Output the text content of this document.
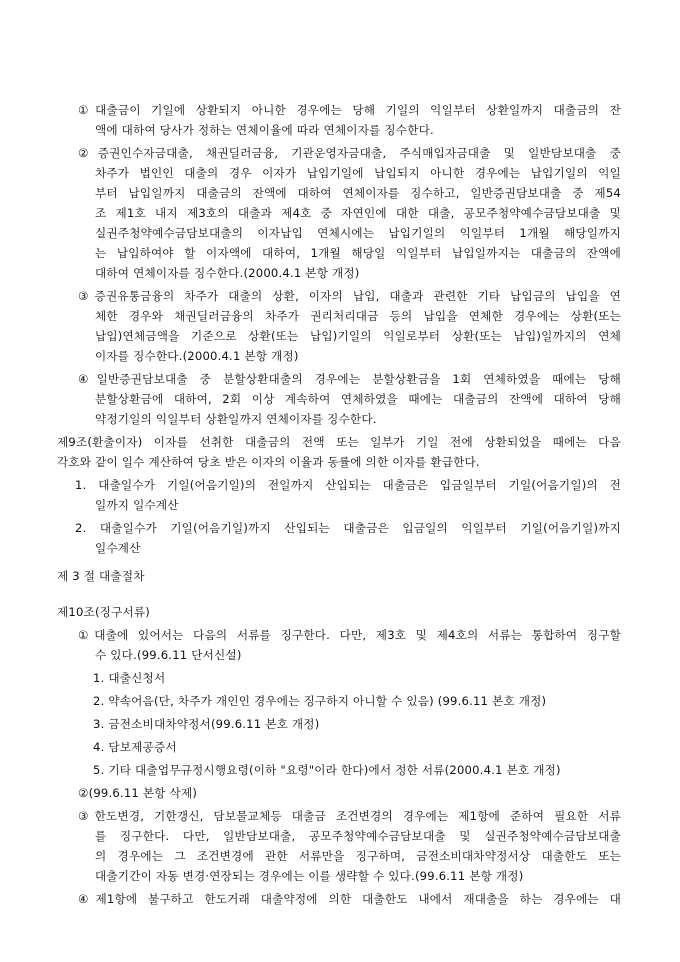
①대출금이 기일에 상환되지 아니한 경우에는 당해 기일의 익일부터 상환일까지 대출금의 잔
액에 대하여 당사가 정하는 연체이율에 따라 연체이자를 징수한다.
②증권인수자금대출, 채권딜러금융, 기관운영자금대출, 주식매입자금대출 및 일반담보대출 중
차주가 법인인 대출의 경우 이자가 납입기일에 납입되지 아니한 경우에는 납입기일의 익일
부터 납입일까지 대출금의 잔액에 대하여 연체이자를 징수하고, 일반증권담보대출 중 제54
조 제1호 내지 제3호의 대출과 제4호 중 자연인에 대한 대출, 공모주청약예수금담보대출 및
실권주청약예수금담보대출의 이자납입 연체시에는 납입기일의 익일부터 1개월 해당일까지
는 납입하여야 할 이자액에 대하여, 1개월 해당일 익일부터 납입일까지는 대출금의 잔액에
대하여 연체이자를 징수한다.(2000.4.1 본항 개정)
③증권유통금융의 차주가 대출의 상환, 이자의 납입, 대출과 관련한 기타 납입금의 납입을 연
체한 경우와 채권딜러금융의 차주가 권리처리대금 등의 납입을 연체한 경우에는 상환(또는
납입)연체금액을 기준으로 상환(또는 납입)기일의 익일로부터 상환(또는 납입)일까지의 연체
이자를 징수한다.(2000.4.1 본항 개정)
④일반증권담보대출 중 분할상환대출의 경우에는 분할상환금을 1회 연체하였을 때에는 당해
분할상환금에 대하여, 2회 이상 계속하여 연체하였을 때에는 대출금의 잔액에 대하여 당해
약정기일의 익일부터 상환일까지 연체이자를 징수한다.
제9조(환출이자) 이자를 선취한 대출금의 전액 또는 일부가 기일 전에 상환되었을 때에는 다음
각호와 같이 일수 계산하여 당초 받은 이자의 이율과 동률에 의한 이자를 환급한다.
1. 대출일수가 기일(어음기일)의 전일까지 산입되는 대출금은 입금일부터 기일(어음기일)의 전
일까지 일수계산
2. 대출일수가 기일(어음기일)까지 산입되는 대출금은 입금일의 익일부터 기일(어음기일)까지
일수계산
제 3 절 대출절차
제10조(징구서류)
①대출에 있어서는 다음의 서류를 징구한다. 다만, 제3호 및 제4호의 서류는 통합하여 징구할
수 있다.(99.6.11 단서신설)
1. 대출신청서
2. 약속어음(단, 차주가 개인인 경우에는 징구하지 아니할 수 있음) (99.6.11 본호 개정)
3. 금전소비대차약정서(99.6.11 본호 개정)
4. 담보제공증서
5. 기타 대출업무규정시행요령(이하 "요령"이라 한다)에서 정한 서류(2000.4.1 본호 개정)
②(99.6.11 본항 삭제)
③한도변경, 기한갱신, 담보물교체등 대출금 조건변경의 경우에는 제1항에 준하여 필요한 서류
를 징구한다. 다만, 일반담보대출, 공모주청약예수금담보대출 및 실권주청약예수금담보대출
의 경우에는 그 조건변경에 관한 서류만을 징구하며, 금전소비대차약정서상 대출한도 또는
대출기간이 자동 변경·연장되는 경우에는 이를 생략할 수 있다.(99.6.11 본항 개정)
④제1항에 불구하고 한도거래 대출약정에 의한 대출한도 내에서 재대출을 하는 경우에는 대
